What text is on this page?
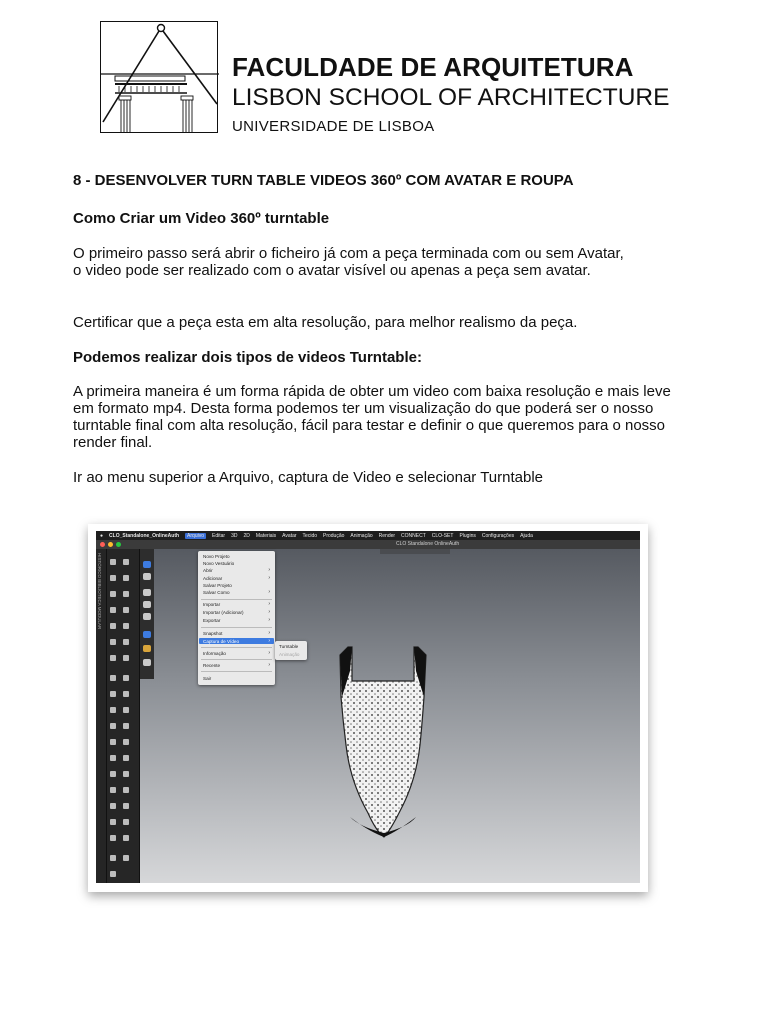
FACULDADE DE ARQUITETURA
LISBON SCHOOL OF ARCHITECTURE
UNIVERSIDADE DE LISBOA
8 - DESENVOLVER TURN TABLE VIDEOS 360º COM AVATAR E ROUPA
Como Criar um Video 360º turntable
O primeiro passo será abrir o ficheiro já com a peça terminada com ou sem Avatar,
o video pode ser realizado com o avatar visível ou apenas a peça sem avatar.
Certificar que a peça esta em alta resolução, para melhor realismo da peça.
Podemos realizar dois tipos de videos Turntable:
A primeira maneira é um forma rápida de obter um video com baixa resolução e mais leve
em formato mp4. Desta forma podemos ter um visualização do que poderá ser o nosso
turntable final com alta resolução, fácil para testar e definir o que queremos para o nosso
render final.
Ir ao menu superior a Arquivo, captura de Video e selecionar Turntable
● CLO_Standalone_OnlineAuth	Arquivo	Editar 3D 2D Materiais Avatar Tecido Produção Animação Render CONNECT CLO-SET Plugins Configurações Ajuda
CLO Standalone OnlineAuth
HISTÓRICO BIBLIOTECA MODULAR	Novo Projeto
Novo Vestuário
Abrir	›
Adicionar	›
Salvar Projeto
Salvar Como	›
Importar	›
Importar (Adicionar)	›
Exportar	›
Snapshot	›
Captura de Vídeo	›
Informação	›
Recente	›
Sair
Turntable
Animação
